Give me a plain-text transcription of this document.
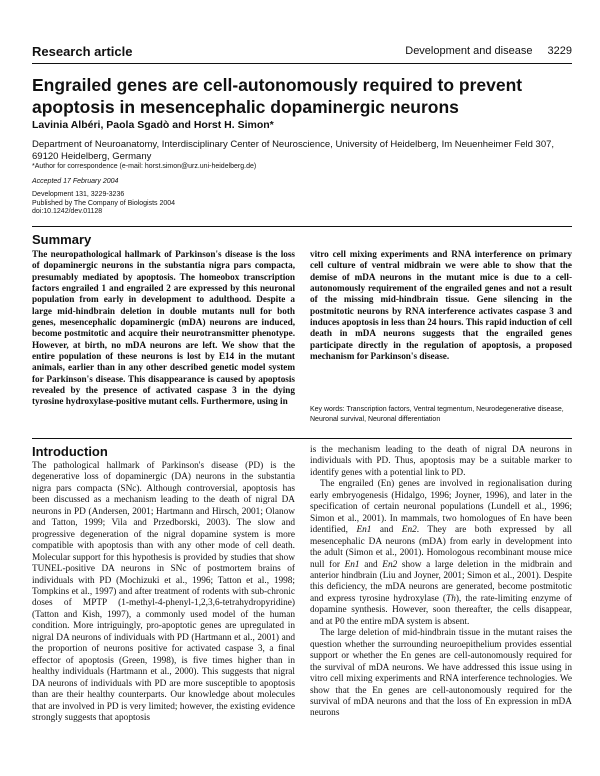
Research article	Development and disease 3229
Engrailed genes are cell-autonomously required to prevent apoptosis in mesencephalic dopaminergic neurons
Lavinia Albéri, Paola Sgadò and Horst H. Simon*
Department of Neuroanatomy, Interdisciplinary Center of Neuroscience, University of Heidelberg, Im Neuenheimer Feld 307, 69120 Heidelberg, Germany
*Author for correspondence (e-mail: horst.simon@urz.uni-heidelberg.de)
Accepted 17 February 2004
Development 131, 3229-3236
Published by The Company of Biologists 2004
doi:10.1242/dev.01128
Summary
The neuropathological hallmark of Parkinson's disease is the loss of dopaminergic neurons in the substantia nigra pars compacta, presumably mediated by apoptosis. The homeobox transcription factors engrailed 1 and engrailed 2 are expressed by this neuronal population from early in development to adulthood. Despite a large mid-hindbrain deletion in double mutants null for both genes, mesencephalic dopaminergic (mDA) neurons are induced, become postmitotic and acquire their neurotransmitter phenotype. However, at birth, no mDA neurons are left. We show that the entire population of these neurons is lost by E14 in the mutant animals, earlier than in any other described genetic model system for Parkinson's disease. This disappearance is caused by apoptosis revealed by the presence of activated caspase 3 in the dying tyrosine hydroxylase-positive mutant cells. Furthermore, using in
vitro cell mixing experiments and RNA interference on primary cell culture of ventral midbrain we were able to show that the demise of mDA neurons in the mutant mice is due to a cell-autonomously requirement of the engrailed genes and not a result of the missing mid-hindbrain tissue. Gene silencing in the postmitotic neurons by RNA interference activates caspase 3 and induces apoptosis in less than 24 hours. This rapid induction of cell death in mDA neurons suggests that the engrailed genes participate directly in the regulation of apoptosis, a proposed mechanism for Parkinson's disease.
Key words: Transcription factors, Ventral tegmentum, Neurodegenerative disease, Neuronal survival, Neuronal differentiation
Introduction

The pathological hallmark of Parkinson's disease (PD) is the degenerative loss of dopaminergic (DA) neurons in the substantia nigra pars compacta (SNc). Although controversial, apoptosis has been discussed as a mechanism leading to the death of nigral DA neurons in PD (Andersen, 2001; Hartmann and Hirsch, 2001; Olanow and Tatton, 1999; Vila and Przedborski, 2003). The slow and progressive degeneration of the nigral dopamine system is more compatible with apoptosis than with any other mode of cell death. Molecular support for this hypothesis is provided by studies that show TUNEL-positive DA neurons in SNc of postmortem brains of individuals with PD (Mochizuki et al., 1996; Tatton et al., 1998; Tompkins et al., 1997) and after treatment of rodents with sub-chronic doses of MPTP (1-methyl-4-phenyl-1,2,3,6-tetrahydropyridine) (Tatton and Kish, 1997), a commonly used model of the human condition. More intriguingly, pro-apoptotic genes are upregulated in nigral DA neurons of individuals with PD (Hartmann et al., 2001) and the proportion of neurons positive for activated caspase 3, a final effector of apoptosis (Green, 1998), is five times higher than in healthy individuals (Hartmann et al., 2000). This suggests that nigral DA neurons of individuals with PD are more susceptible to apoptosis than are their healthy counterparts. Our knowledge about molecules that are involved in PD is very limited; however, the existing evidence strongly suggests that apoptosis

is the mechanism leading to the death of nigral DA neurons in individuals with PD. Thus, apoptosis may be a suitable marker to identify genes with a potential link to PD.

The engrailed (En) genes are involved in regionalisation during early embryogenesis (Hidalgo, 1996; Joyner, 1996), and later in the specification of certain neuronal populations (Lundell et al., 1996; Simon et al., 2001). In mammals, two homologues of En have been identified, En1 and En2. They are both expressed by all mesencephalic DA neurons (mDA) from early in development into the adult (Simon et al., 2001). Homologous recombinant mouse mice null for En1 and En2 show a large deletion in the midbrain and anterior hindbrain (Liu and Joyner, 2001; Simon et al., 2001). Despite this deficiency, the mDA neurons are generated, become postmitotic and express tyrosine hydroxylase (Th), the rate-limiting enzyme of dopamine synthesis. However, soon thereafter, the cells disappear, and at P0 the entire mDA system is absent.

The large deletion of mid-hindbrain tissue in the mutant raises the question whether the surrounding neuroepithelium provides essential support or whether the En genes are cell-autonomously required for the survival of mDA neurons. We have addressed this issue using in vitro cell mixing experiments and RNA interference technologies. We show that the En genes are cell-autonomously required for the survival of mDA neurons and that the loss of En expression in mDA neurons
